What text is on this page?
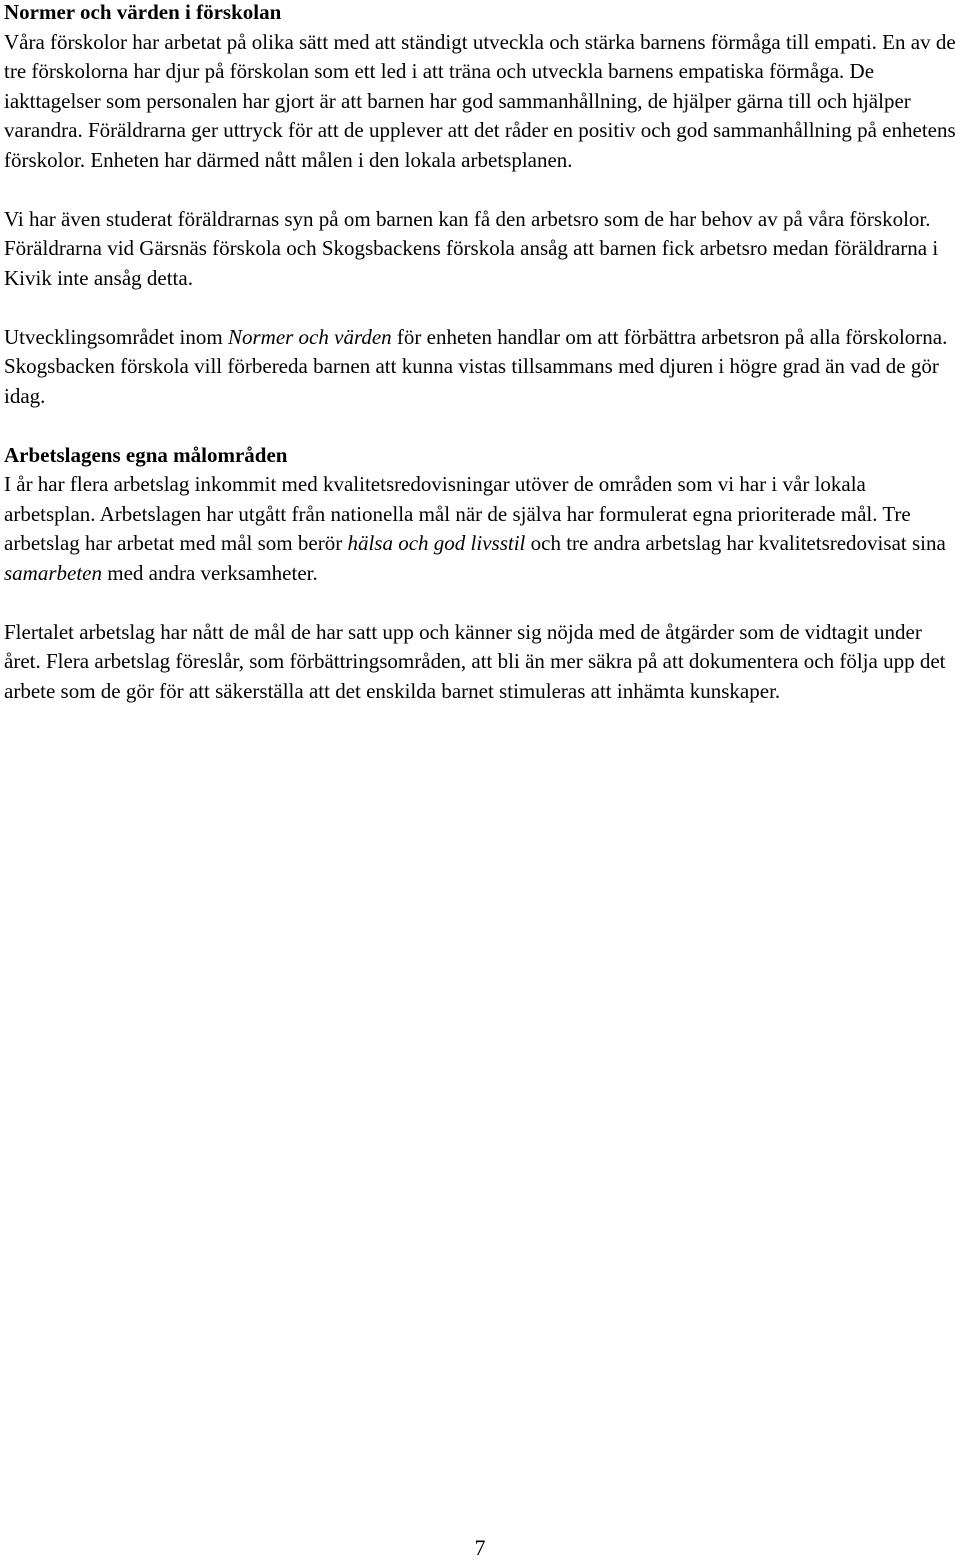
Normer och värden i förskolan

Våra förskolor har arbetat på olika sätt med att ständigt utveckla och stärka barnens förmåga till empati. En av de tre förskolorna har djur på förskolan som ett led i att träna och utveckla barnens empatiska förmåga. De iakttagelser som personalen har gjort är att barnen har god sammanhållning, de hjälper gärna till och hjälper varandra. Föräldrarna ger uttryck för att de upplever att det råder en positiv och god sammanhållning på enhetens förskolor. Enheten har därmed nått målen i den lokala arbetsplanen.

Vi har även studerat föräldrarnas syn på om barnen kan få den arbetsro som de har behov av på våra förskolor. Föräldrarna vid Gärsnäs förskola och Skogsbackens förskola ansåg att barnen fick arbetsro medan föräldrarna i Kivik inte ansåg detta.

Utvecklingsområdet inom Normer och värden för enheten handlar om att förbättra arbetsron på alla förskolorna. Skogsbacken förskola vill förbereda barnen att kunna vistas tillsammans med djuren i högre grad än vad de gör idag.

Arbetslagens egna målområden

I år har flera arbetslag inkommit med kvalitetsredovisningar utöver de områden som vi har i vår lokala arbetsplan. Arbetslagen har utgått från nationella mål när de själva har formulerat egna prioriterade mål. Tre arbetslag har arbetat med mål som berör hälsa och god livsstil och tre andra arbetslag har kvalitetsredovisat sina samarbeten med andra verksamheter.

Flertalet arbetslag har nått de mål de har satt upp och känner sig nöjda med de åtgärder som de vidtagit under året. Flera arbetslag föreslår, som förbättringsområden, att bli än mer säkra på att dokumentera och följa upp det arbete som de gör för att säkerställa att det enskilda barnet stimuleras att inhämta kunskaper.

7
